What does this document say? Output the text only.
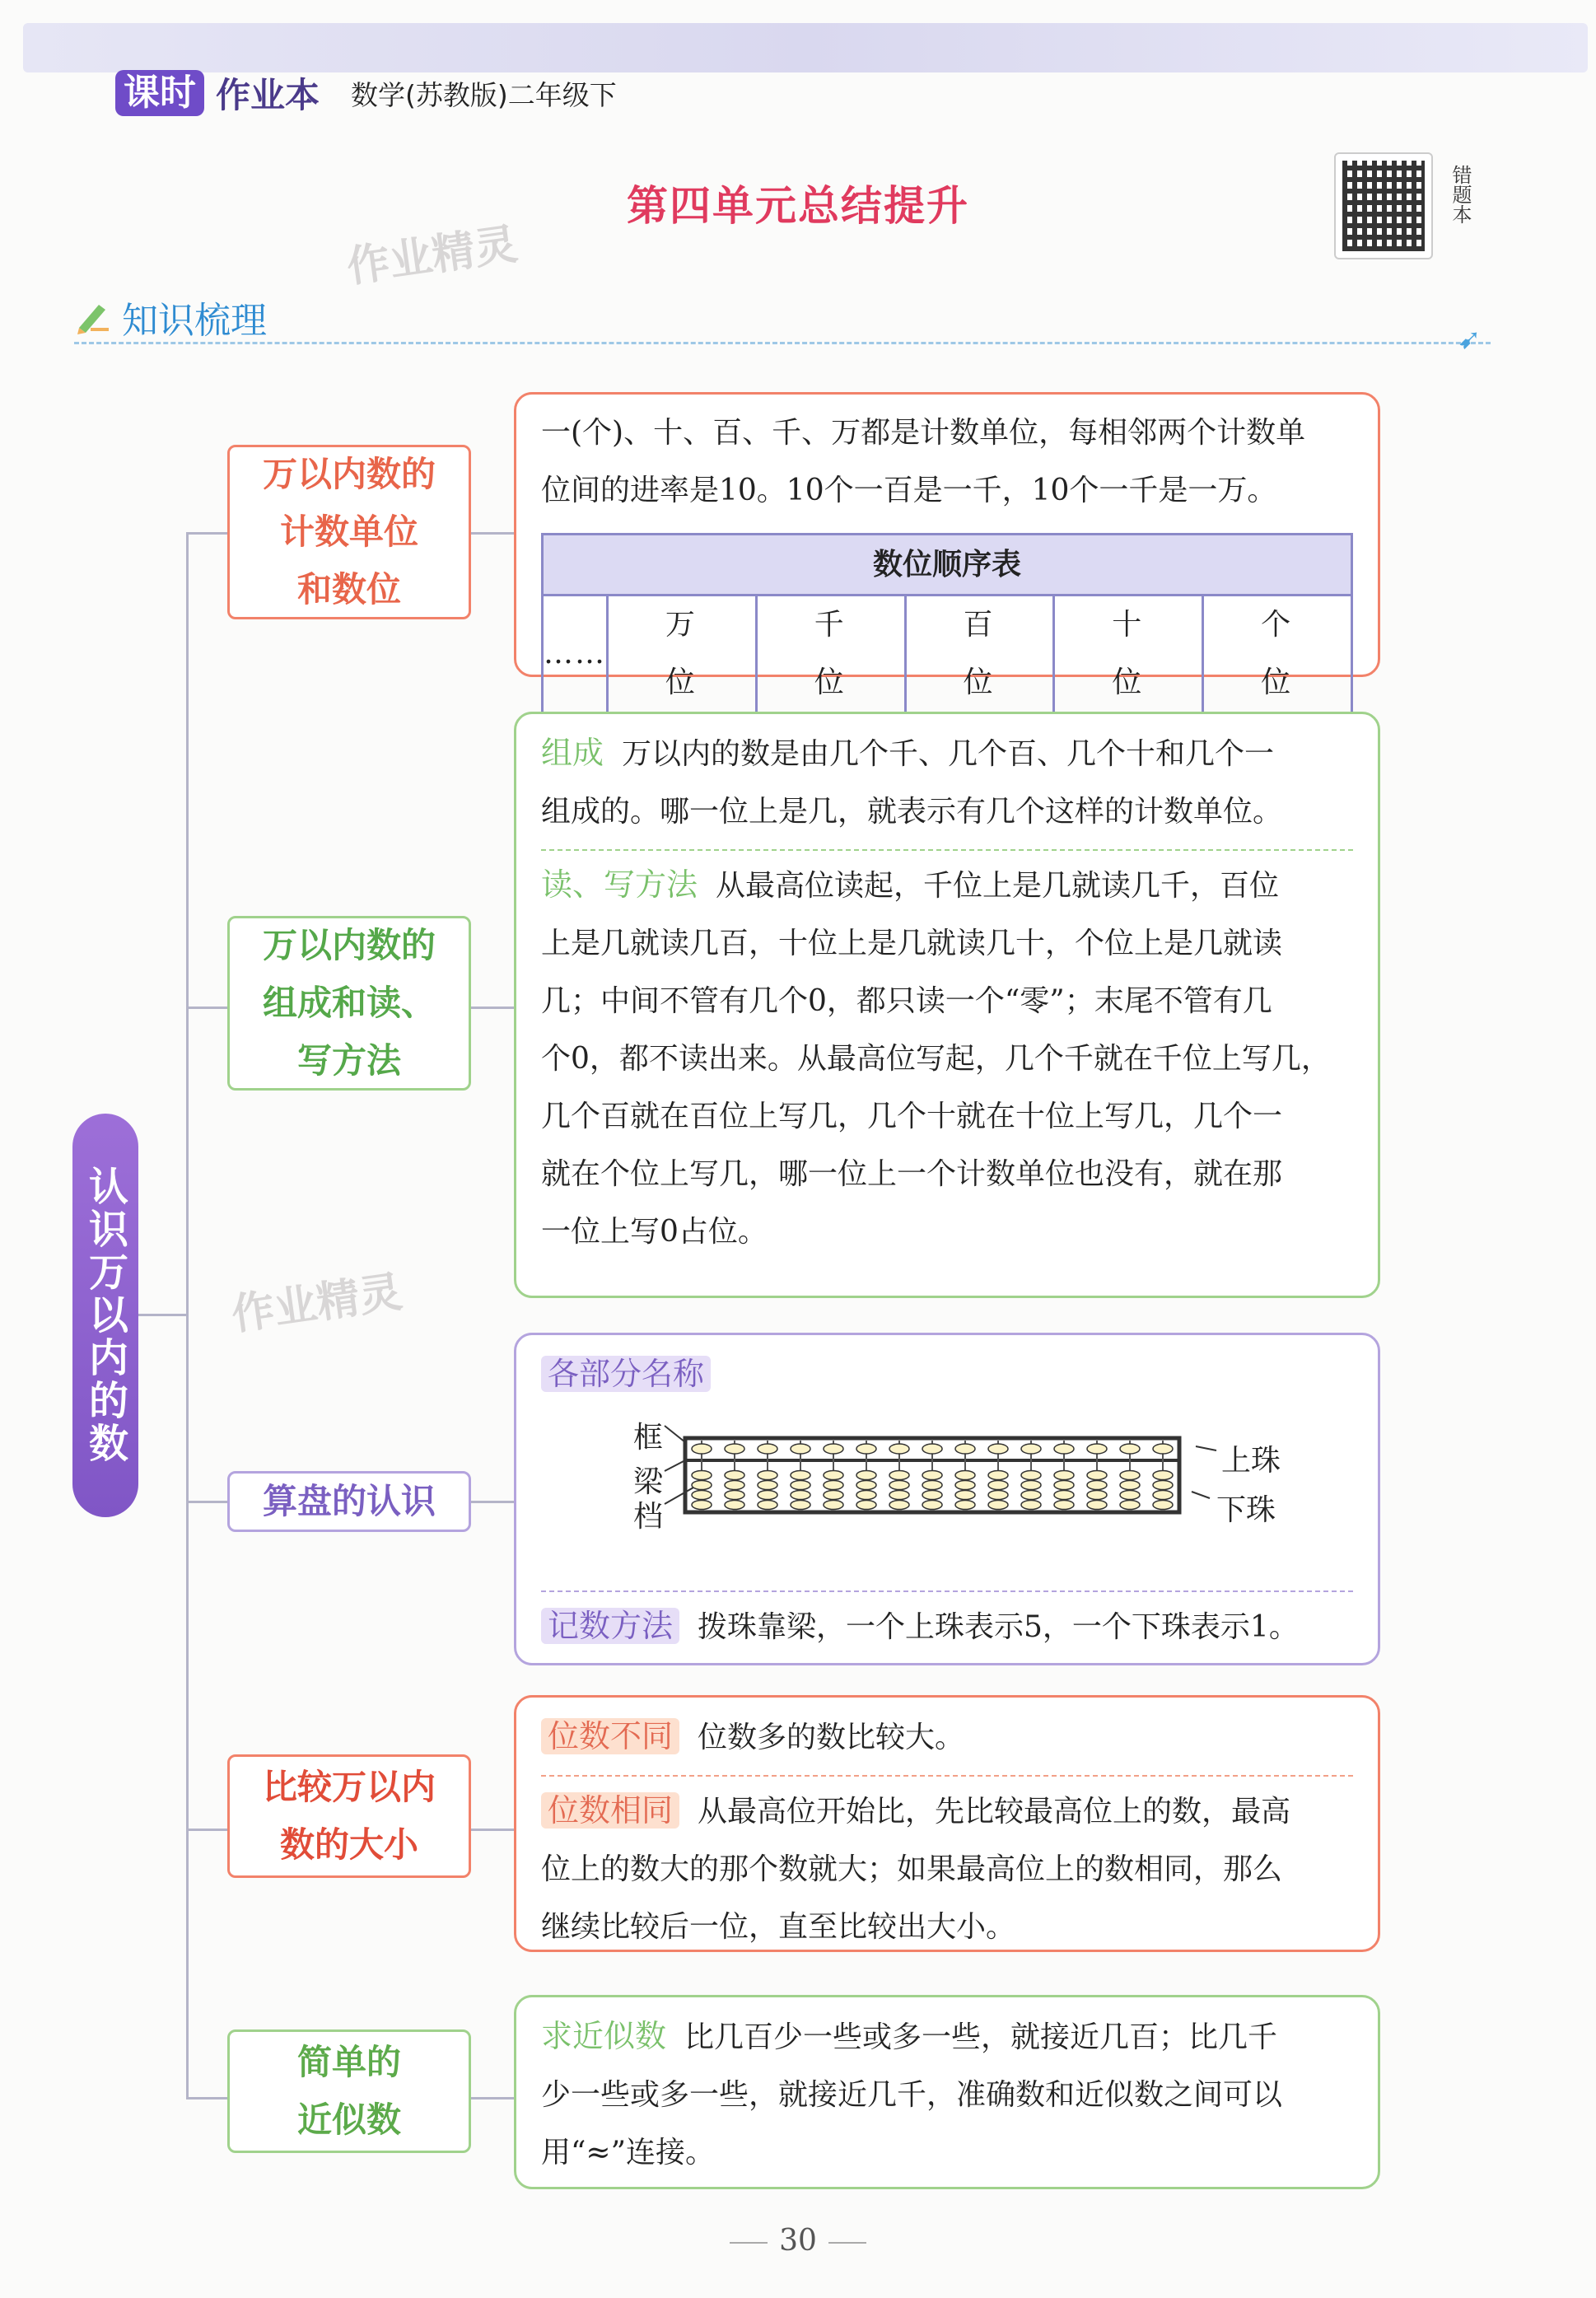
课时 作业本 数学(苏教版)二年级下
第四单元总结提升	错题本
作业精灵
作业精灵
知识梳理	➹
认识万以内的数
万以内数的
计数单位
和数位
一(个)、十、百、千、万都是计数单位，每相邻两个计数单
位间的进率是10。10个一百是一千，10个一千是一万。
数位顺序表
……	万位	千位	百位	十位	个位
万以内数的
组成和读、
写方法
组成 万以内的数是由几个千、几个百、几个十和几个一
组成的。哪一位上是几，就表示有几个这样的计数单位。
读、写方法 从最高位读起，千位上是几就读几千，百位
上是几就读几百，十位上是几就读几十，个位上是几就读
几；中间不管有几个0，都只读一个“零”；末尾不管有几
个0，都不读出来。从最高位写起，几个千就在千位上写几，
几个百就在百位上写几，几个十就在十位上写几，几个一
就在个位上写几，哪一位上一个计数单位也没有，就在那
一位上写0占位。
算盘的认识
各部分名称
框
梁
档
上珠
下珠
记数方法 拨珠靠梁，一个上珠表示5，一个下珠表示1。
比较万以内
数的大小
位数不同 位数多的数比较大。
位数相同 从最高位开始比，先比较最高位上的数，最高
位上的数大的那个数就大；如果最高位上的数相同，那么
继续比较后一位，直至比较出大小。
简单的
近似数
求近似数 比几百少一些或多一些，就接近几百；比几千
少一些或多一些，就接近几千，准确数和近似数之间可以
用“≈”连接。
30
